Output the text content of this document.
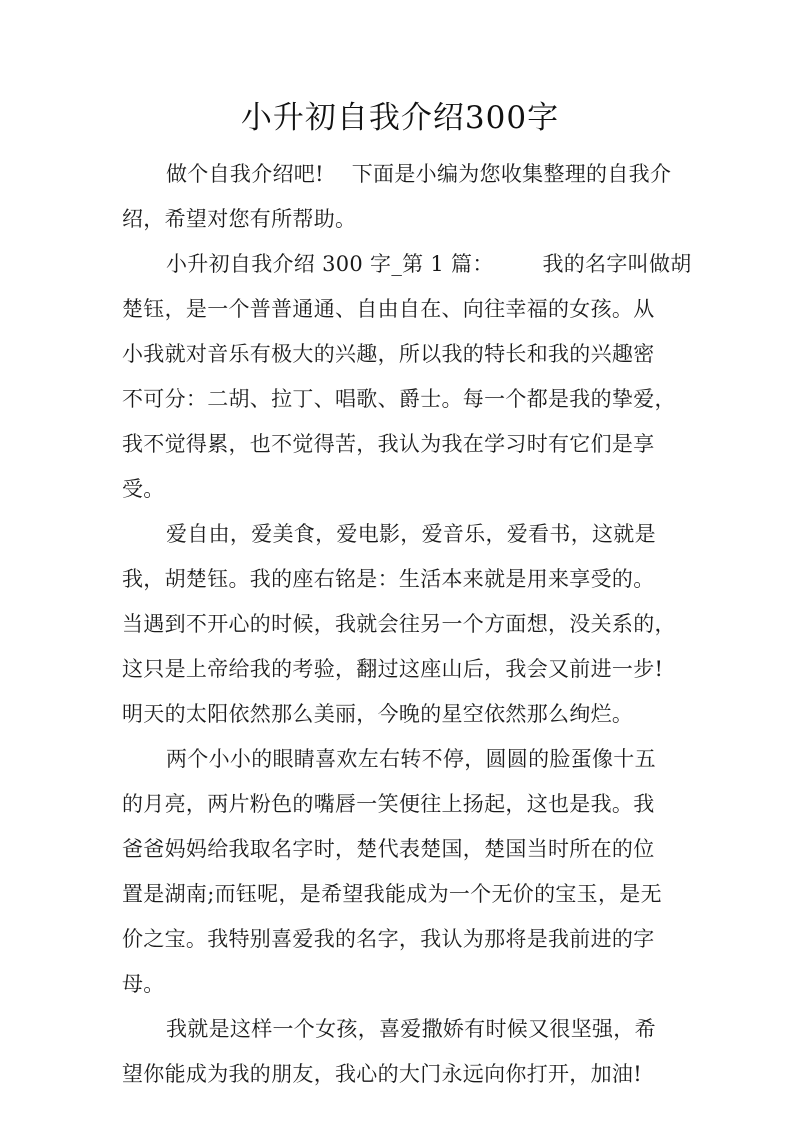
小升初自我介绍300字
做个自我介绍吧!    下面是小编为您收集整理的自我介
绍，希望对您有所帮助。
小升初自我介绍 300 字_第 1 篇：       我的名字叫做胡
楚钰，是一个普普通通、自由自在、向往幸福的女孩。从
小我就对音乐有极大的兴趣，所以我的特长和我的兴趣密
不可分：二胡、拉丁、唱歌、爵士。每一个都是我的挚爱，
我不觉得累，也不觉得苦，我认为我在学习时有它们是享
受。
爱自由，爱美食，爱电影，爱音乐，爱看书，这就是
我，胡楚钰。我的座右铭是：生活本来就是用来享受的。
当遇到不开心的时候，我就会往另一个方面想，没关系的，
这只是上帝给我的考验，翻过这座山后，我会又前进一步!
明天的太阳依然那么美丽，今晚的星空依然那么绚烂。
两个小小的眼睛喜欢左右转不停，圆圆的脸蛋像十五
的月亮，两片粉色的嘴唇一笑便往上扬起，这也是我。我
爸爸妈妈给我取名字时，楚代表楚国，楚国当时所在的位
置是湖南;而钰呢，是希望我能成为一个无价的宝玉，是无
价之宝。我特别喜爱我的名字，我认为那将是我前进的字
母。
我就是这样一个女孩，喜爱撒娇有时候又很坚强，希
望你能成为我的朋友，我心的大门永远向你打开，加油!
